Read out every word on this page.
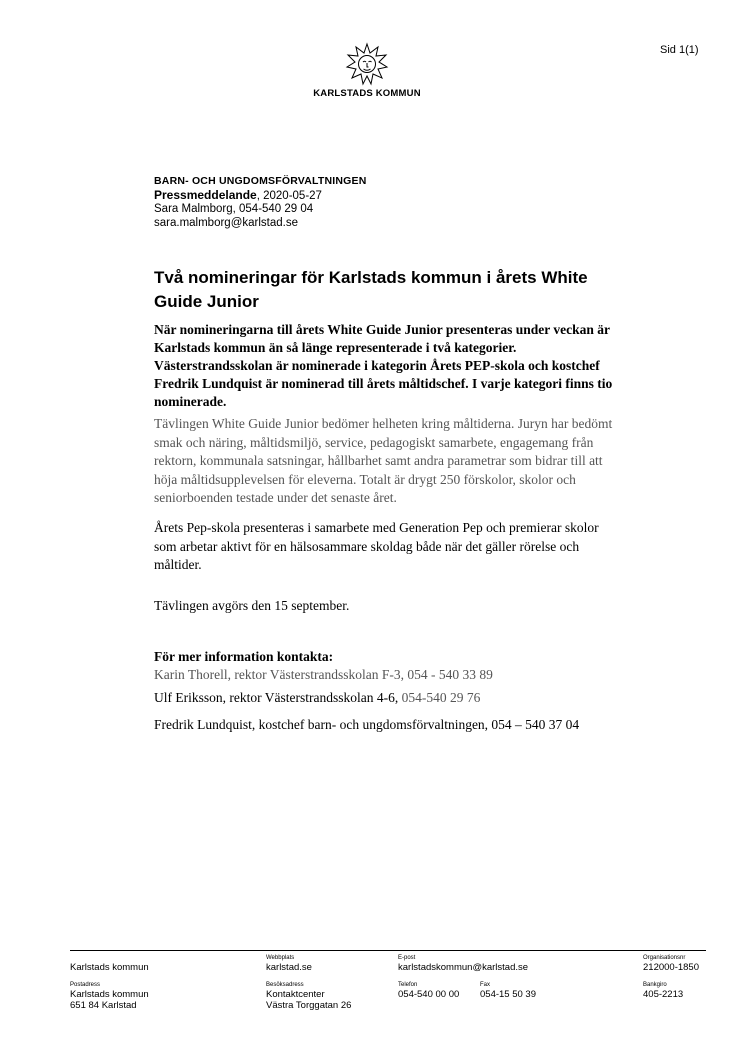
Sid 1(1)
KARLSTADS KOMMUN
BARN- OCH UNGDOMSFÖRVALTNINGEN
Pressmeddelande, 2020-05-27
Sara Malmborg, 054-540 29 04
sara.malmborg@karlstad.se
Två nomineringar för Karlstads kommun i årets White Guide Junior
När nomineringarna till årets White Guide Junior presenteras under veckan är Karlstads kommun än så länge representerade i två kategorier. Västerstrandsskolan är nominerade i kategorin Årets PEP-skola och kostchef Fredrik Lundquist är nominerad till årets måltidschef. I varje kategori finns tio nominerade.
Tävlingen White Guide Junior bedömer helheten kring måltiderna. Juryn har bedömt smak och näring, måltidsmiljö, service, pedagogiskt samarbete, engagemang från rektorn, kommunala satsningar, hållbarhet samt andra parametrar som bidrar till att höja måltidsupplevelsen för eleverna. Totalt är drygt 250 förskolor, skolor och seniorboenden testade under det senaste året.
Årets Pep-skola presenteras i samarbete med Generation Pep och premierar skolor som arbetar aktivt för en hälsosammare skoldag både när det gäller rörelse och måltider.
Tävlingen avgörs den 15 september.
För mer information kontakta:
Karin Thorell, rektor Västerstrandsskolan F-3, 054 - 540 33 89
Ulf Eriksson, rektor Västerstrandsskolan 4-6, 054-540 29 76
Fredrik Lundquist, kostchef barn- och ungdomsförvaltningen, 054 – 540 37 04
Karlstads kommun
Webbplats
karlstad.se
E-post
karlstadskommun@karlstad.se
Organisationsnr
212000-1850
Postadress
Karlstads kommun
651 84 Karlstad
Besöksadress
Kontaktcenter
Västra Torggatan 26
Telefon
054-540 00 00
Fax
054-15 50 39
Bankgiro
405-2213
